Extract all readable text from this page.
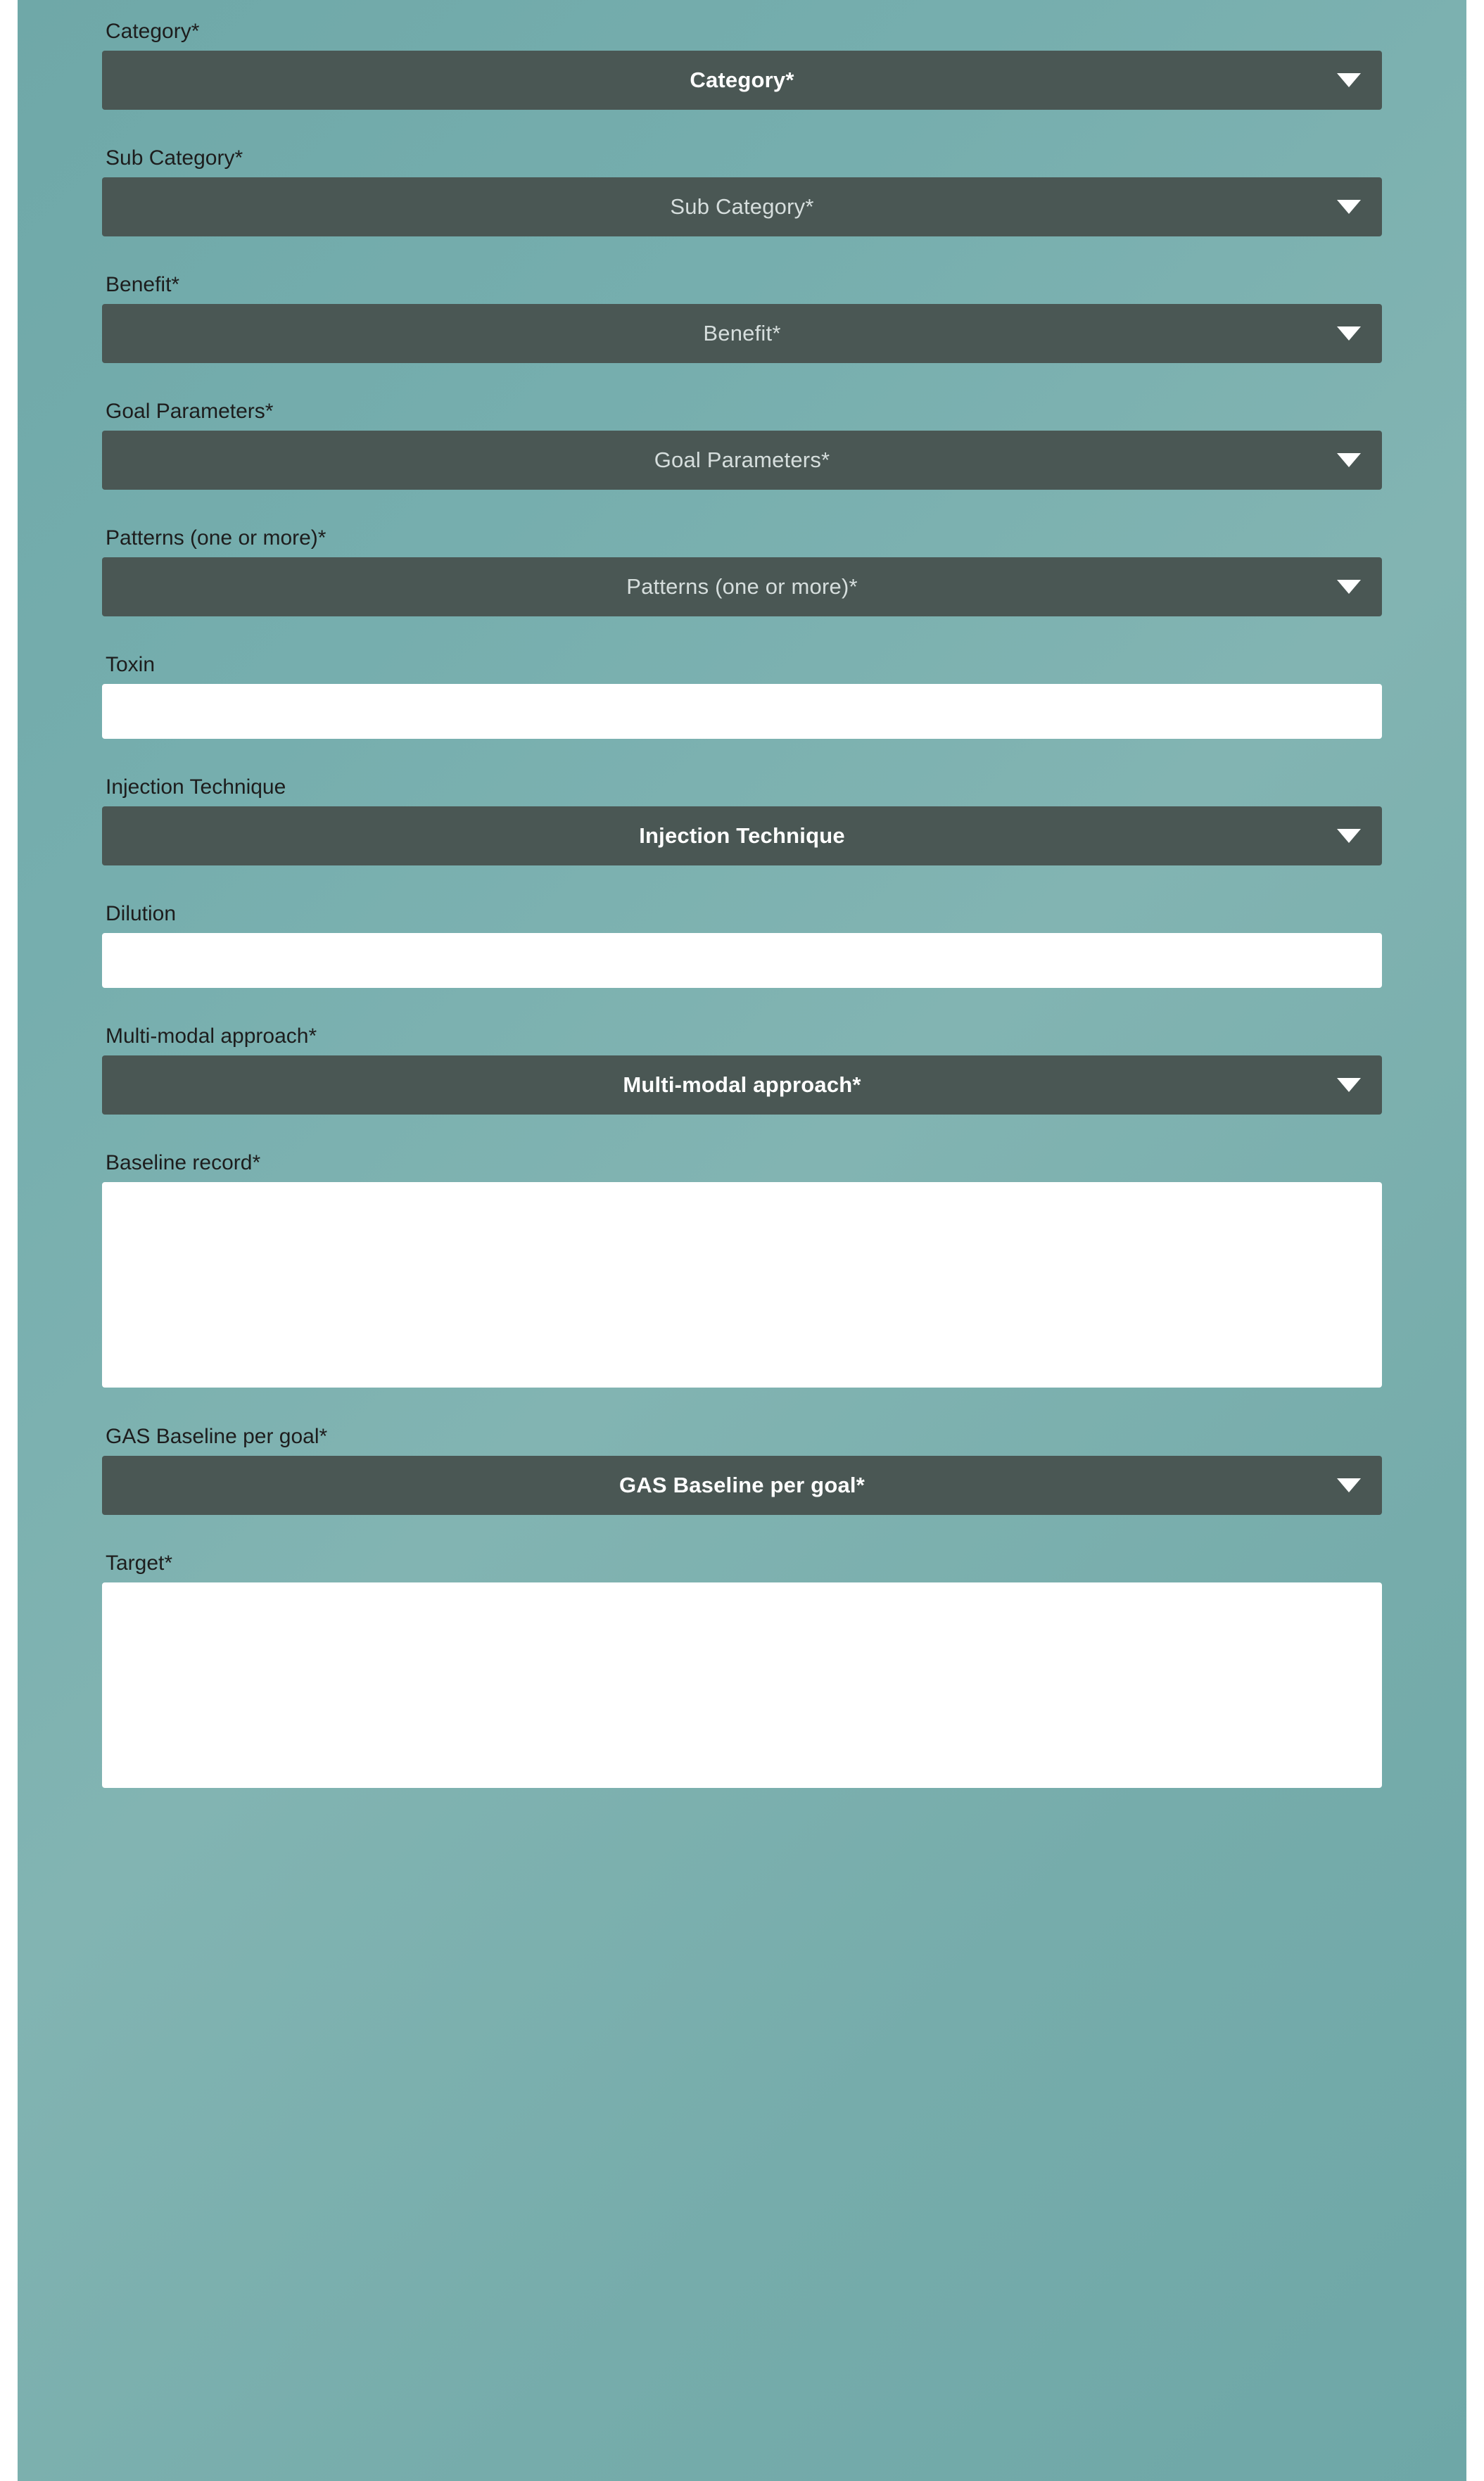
Category*
Category*
Sub Category*
Sub Category*
Benefit*
Benefit*
Goal Parameters*
Goal Parameters*
Patterns (one or more)*
Patterns (one or more)*
Toxin
Injection Technique
Injection Technique
Dilution
Multi-modal approach*
Multi-modal approach*
Baseline record*
GAS Baseline per goal*
GAS Baseline per goal*
Target*
